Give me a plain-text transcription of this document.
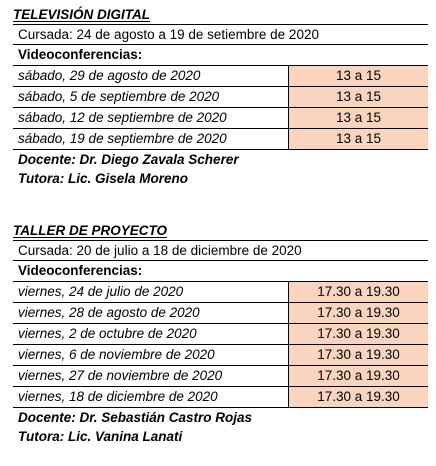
TELEVISIÓN DIGITAL
Cursada: 24 de agosto a 19 de setiembre de 2020
Videoconferencias:
sábado, 29 de agosto de 2020	13 a 15
sábado, 5 de septiembre de 2020	13 a 15
sábado, 12 de septiembre de 2020	13 a 15
sábado, 19 de septiembre de 2020	13 a 15
Docente: Dr. Diego Zavala Scherer
Tutora: Lic. Gisela Moreno
TALLER DE PROYECTO
Cursada: 20 de julio a 18 de diciembre de 2020
Videoconferencias:
viernes, 24 de julio de 2020	17.30 a 19.30
viernes, 28 de agosto de 2020	17.30 a 19.30
viernes, 2 de octubre de 2020	17.30 a 19.30
viernes, 6 de noviembre de 2020	17.30 a 19.30
viernes, 27 de noviembre de 2020	17.30 a 19.30
viernes, 18 de diciembre de 2020	17.30 a 19.30
Docente: Dr. Sebastián Castro Rojas
Tutora: Lic. Vanina Lanati
